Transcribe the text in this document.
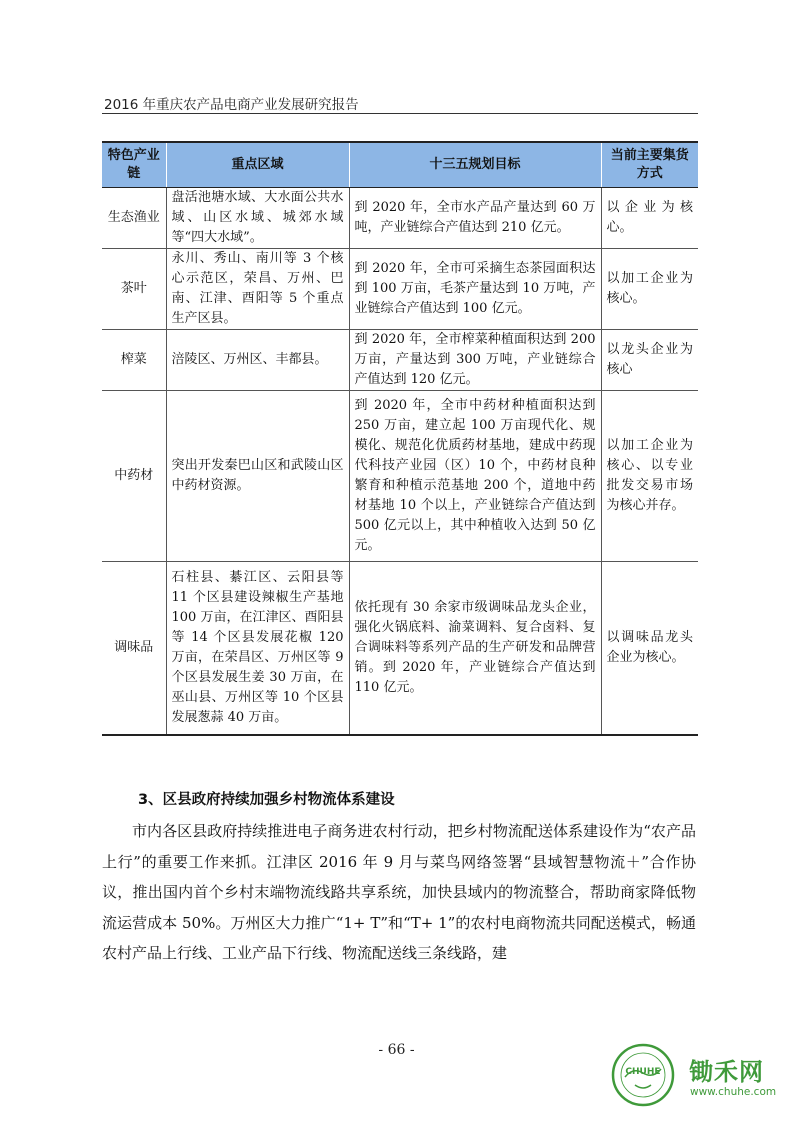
2016 年重庆农产品电商产业发展研究报告
特色产业链	重点区域	十三五规划目标	当前主要集货方式
生态渔业	盘活池塘水域、大水面公共水域、山区水域、城郊水域等“四大水域”。	到 2020 年，全市水产品产量达到 60 万吨，产业链综合产值达到 210 亿元。	以企业为核心。
茶叶	永川、秀山、南川等 3 个核心示范区，荣昌、万州、巴南、江津、酉阳等 5 个重点生产区县。	到 2020 年，全市可采摘生态茶园面积达到 100 万亩，毛茶产量达到 10 万吨，产业链综合产值达到 100 亿元。	以加工企业为核心。
榨菜	涪陵区、万州区、丰都县。	到 2020 年，全市榨菜种植面积达到 200 万亩，产量达到 300 万吨，产业链综合产值达到 120 亿元。	以龙头企业为核心
中药材	突出开发秦巴山区和武陵山区中药材资源。	到 2020 年，全市中药材种植面积达到 250 万亩，建立起 100 万亩现代化、规模化、规范化优质药材基地，建成中药现代科技产业园（区）10 个，中药材良种繁育和种植示范基地 200 个，道地中药材基地 10 个以上，产业链综合产值达到 500 亿元以上，其中种植收入达到 50 亿元。	以加工企业为核心、以专业批发交易市场为核心并存。
调味品	石柱县、綦江区、云阳县等 11 个区县建设辣椒生产基地 100 万亩，在江津区、酉阳县等 14 个区县发展花椒 120 万亩，在荣昌区、万州区等 9 个区县发展生姜 30 万亩，在巫山县、万州区等 10 个区县发展葱蒜 40 万亩。	依托现有 30 余家市级调味品龙头企业，强化火锅底料、渝菜调料、复合卤料、复合调味料等系列产品的生产研发和品牌营销。到 2020 年，产业链综合产值达到 110 亿元。	以调味品龙头企业为核心。
3、区县政府持续加强乡村物流体系建设

市内各区县政府持续推进电子商务进农村行动，把乡村物流配送体系建设作为“农产品上行”的重要工作来抓。江津区 2016 年 9 月与菜鸟网络签署“县域智慧物流＋”合作协议，推出国内首个乡村末端物流线路共享系统，加快县域内的物流整合，帮助商家降低物流运营成本 50%。万州区大力推广“1+ T”和“T+ 1”的农村电商物流共同配送模式，畅通农村产品上行线、工业产品下行线、物流配送线三条线路，建

- 66 -
CHUHE 锄禾网
www.chuhe.com
